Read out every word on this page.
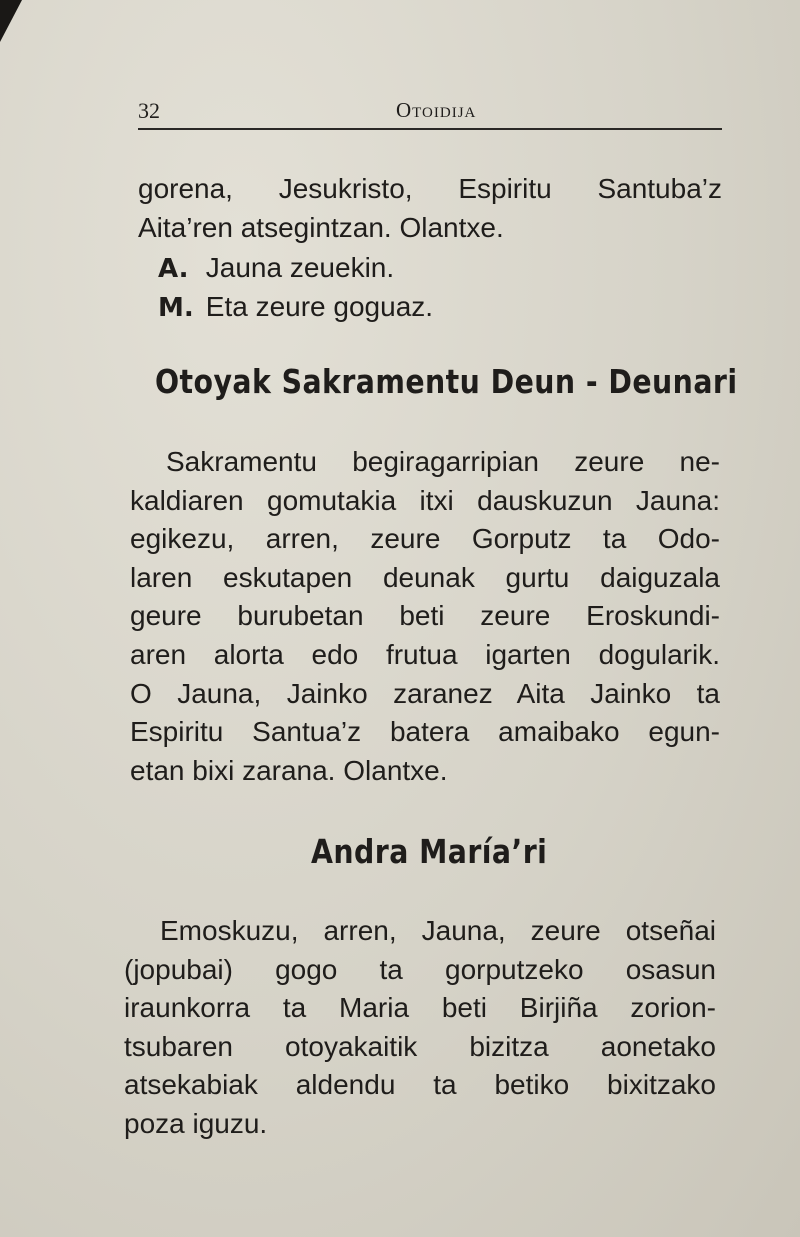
32	Otoidija
gorena, Jesukristo, Espiritu Santuba’z
Aita’ren atsegintzan. Olantxe.
A. Jauna zeuekin.
M. Eta zeure goguaz.
Otoyak Sakramentu Deun - Deunari
Sakramentu begiragarripian zeure ne-
kaldiaren gomutakia itxi dauskuzun Jauna:
egikezu, arren, zeure Gorputz ta Odo-
laren eskutapen deunak gurtu daiguzala
geure burubetan beti zeure Eroskundi-
aren alorta edo frutua igarten dogularik.
O Jauna, Jainko zaranez Aita Jainko ta
Espiritu Santua’z batera amaibako egun-
etan bixi zarana. Olantxe.
Andra María’ri
Emoskuzu, arren, Jauna, zeure otseñai
(jopubai) gogo ta gorputzeko osasun
iraunkorra ta Maria beti Birjiña zorion-
tsubaren otoyakaitik bizitza aonetako
atsekabiak aldendu ta betiko bixitzako
poza iguzu.
